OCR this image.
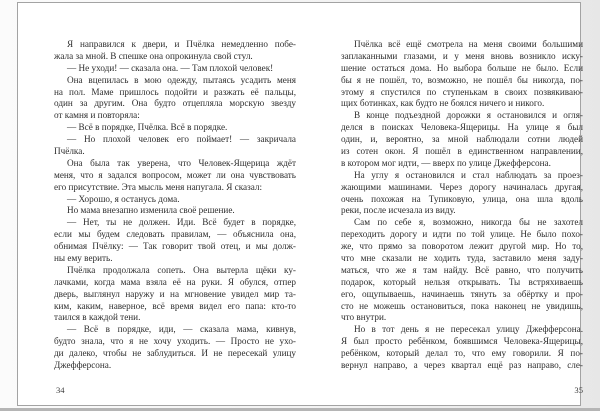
Я направился к двери, и Пчёлка немедленно побе-
жала за мной. В спешке она опрокинула свой стул.
— Не уходи! — сказала она. — Там плохой человек!
Она вцепилась в мою одежду, пытаясь усадить меня
на пол. Маме пришлось подойти и разжать её пальцы,
один за другим. Она будто отцепляла морскую звезду
от камня и повторяла:
— Всё в порядке, Пчёлка. Всё в порядке.
— Но плохой человек его поймает! — закричала
Пчёлка.
Она была так уверена, что Человек-Ящерица ждёт
меня, что я задался вопросом, может ли она чувствовать
его присутствие. Эта мысль меня напугала. Я сказал:
— Хорошо, я останусь дома.
Но мама внезапно изменила своё решение.
— Нет, ты не должен. Иди. Всё будет в порядке,
если мы будем следовать правилам, — объяснила она,
обнимая Пчёлку: — Так говорит твой отец, и мы долж-
ны ему верить.
Пчёлка продолжала сопеть. Она вытерла щёки ку-
лачками, когда мама взяла её на руки. Я обулся, отпер
дверь, выглянул наружу и на мгновение увидел мир та-
ким, каким, наверное, всё время видел его папа: кто-то
таился в каждой тени.
— Всё в порядке, иди, — сказала мама, кивнув,
будто знала, что я не хочу уходить. — Просто не ухо-
ди далеко, чтобы не заблудиться. И не пересекай улицу
Джефферсона.
34
Пчёлка всё ещё смотрела на меня своими большими
заплаканными глазами, и у меня вновь возникло иску-
шение остаться дома. Но выбора больше не было. Если
бы я не пошёл, то, возможно, не пошёл бы никогда, по-
этому я спустился по ступенькам в своих позвякиваю-
щих ботинках, как будто не боялся ничего и никого.
В конце подъездной дорожки я остановился и огля-
делся в поисках Человека-Ящерицы. На улице я был
один, и, вероятно, за мной наблюдали сотни людей
из сотен окон. Я пошёл в единственном направлении,
в котором мог идти, — вверх по улице Джефферсона.
На углу я остановился и стал наблюдать за проез-
жающими машинами. Через дорогу начиналась другая,
очень похожая на Тупиковую, улица, она шла вдоль
реки, после исчезала из виду.
Сам по себе я, возможно, никогда бы не захотел
переходить дорогу и идти по той улице. Не было похо-
же, что прямо за поворотом лежит другой мир. Но то,
что мне сказали не ходить туда, заставило меня заду-
маться, что же я там найду. Всё равно, что получить
подарок, который нельзя открывать. Ты встряхиваешь
его, ощупываешь, начинаешь тянуть за обёртку и про-
сто не можешь остановиться, пока наконец не увидишь,
что внутри.
Но в тот день я не пересекал улицу Джефферсона.
Я был просто ребёнком, боявшимся Человека-Ящерицы,
ребёнком, который делал то, что ему говорили. Я по-
вернул направо, а через квартал ещё раз направо, сле-
35
